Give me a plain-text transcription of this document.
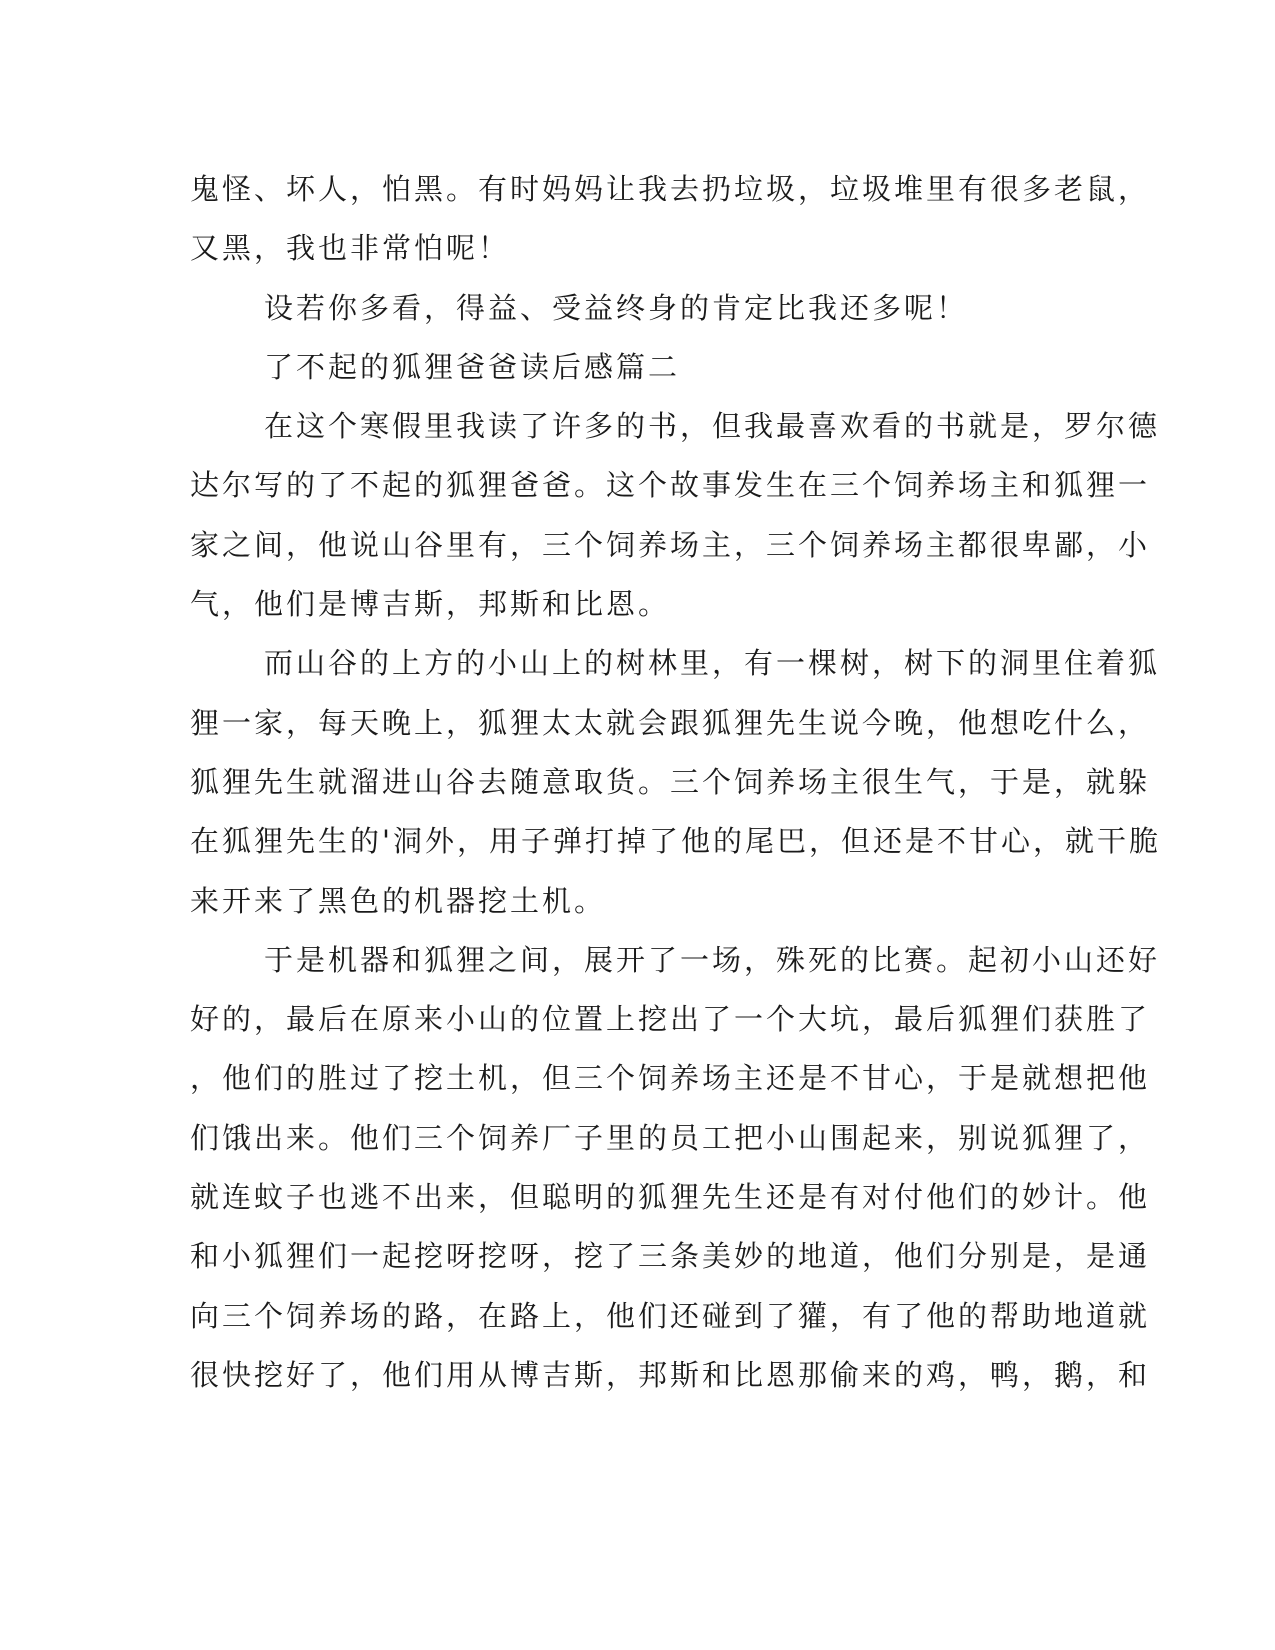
鬼怪、坏人，怕黑。有时妈妈让我去扔垃圾，垃圾堆里有很多老鼠，
又黑，我也非常怕呢！
设若你多看，得益、受益终身的肯定比我还多呢！
了不起的狐狸爸爸读后感篇二
在这个寒假里我读了许多的书，但我最喜欢看的书就是，罗尔德
达尔写的了不起的狐狸爸爸。这个故事发生在三个饲养场主和狐狸一
家之间，他说山谷里有，三个饲养场主，三个饲养场主都很卑鄙，小
气，他们是博吉斯，邦斯和比恩。
而山谷的上方的小山上的树林里，有一棵树，树下的洞里住着狐
狸一家，每天晚上，狐狸太太就会跟狐狸先生说今晚，他想吃什么，
狐狸先生就溜进山谷去随意取货。三个饲养场主很生气，于是，就躲
在狐狸先生的'洞外，用子弹打掉了他的尾巴，但还是不甘心，就干脆
来开来了黑色的机器挖土机。
于是机器和狐狸之间，展开了一场，殊死的比赛。起初小山还好
好的，最后在原来小山的位置上挖出了一个大坑，最后狐狸们获胜了
，他们的胜过了挖土机，但三个饲养场主还是不甘心，于是就想把他
们饿出来。他们三个饲养厂子里的员工把小山围起来，别说狐狸了，
就连蚊子也逃不出来，但聪明的狐狸先生还是有对付他们的妙计。他
和小狐狸们一起挖呀挖呀，挖了三条美妙的地道，他们分别是，是通
向三个饲养场的路，在路上，他们还碰到了獾，有了他的帮助地道就
很快挖好了，他们用从博吉斯，邦斯和比恩那偷来的鸡，鸭，鹅，和
